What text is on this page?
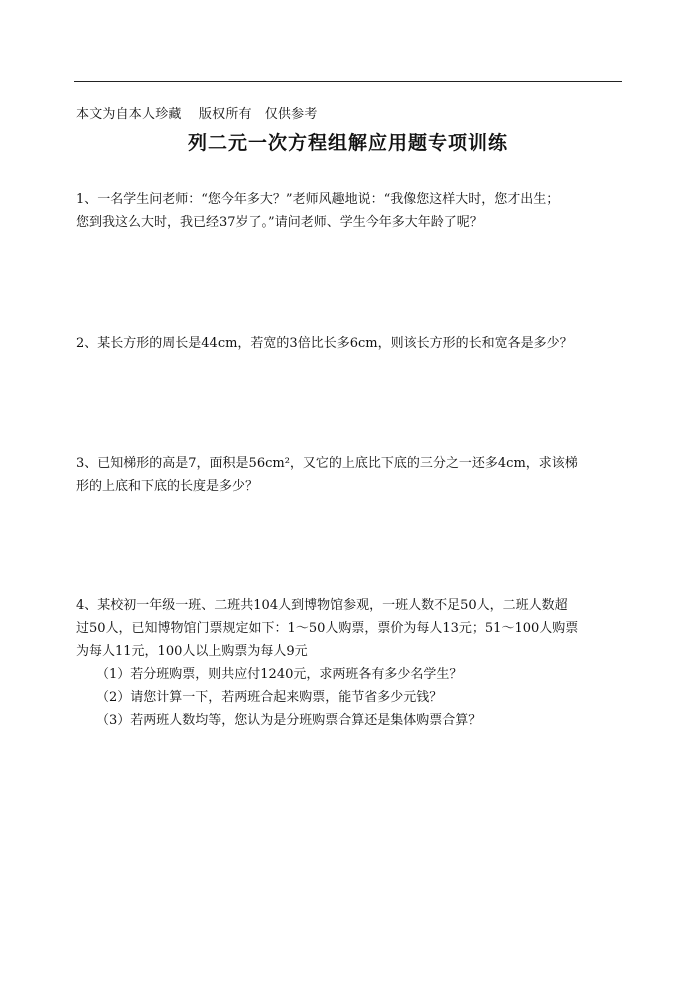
本文为自本人珍藏    版权所有   仅供参考
列二元一次方程组解应用题专项训练

1、一名学生问老师：“您今年多大？”老师风趣地说：“我像您这样大时，您才出生；

您到我这么大时，我已经37岁了。”请问老师、学生今年多大年龄了呢？

2、某长方形的周长是44cm，若宽的3倍比长多6cm，则该长方形的长和宽各是多少？

3、已知梯形的高是7，面积是56cm²，又它的上底比下底的三分之一还多4cm，求该梯

形的上底和下底的长度是多少？

4、某校初一年级一班、二班共104人到博物馆参观，一班人数不足50人，二班人数超

过50人，已知博物馆门票规定如下：1～50人购票，票价为每人13元；51～100人购票

为每人11元，100人以上购票为每人9元

（1）若分班购票，则共应付1240元，求两班各有多少名学生？

（2）请您计算一下，若两班合起来购票，能节省多少元钱？

（3）若两班人数均等，您认为是分班购票合算还是集体购票合算？
